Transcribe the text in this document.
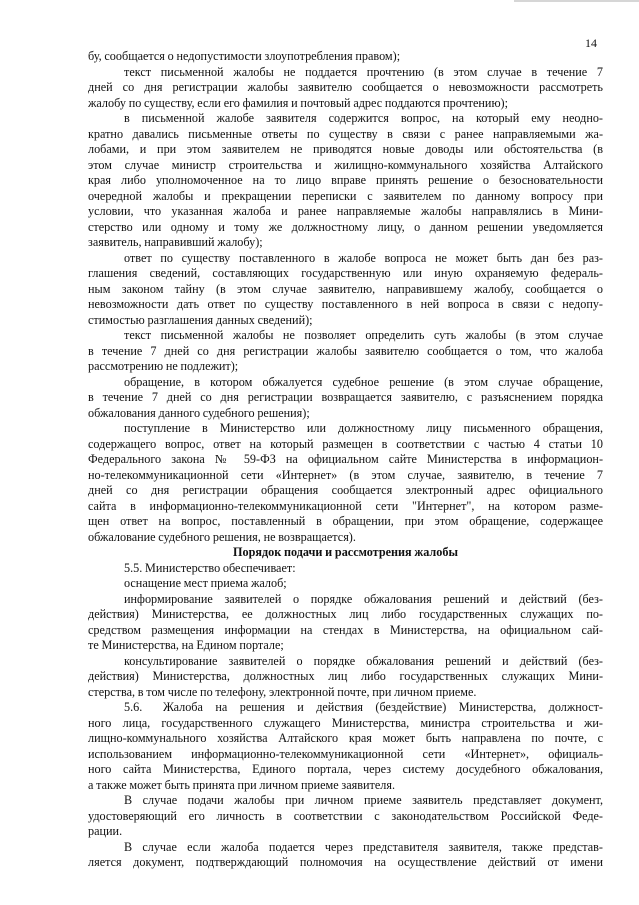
14
бу, сообщается о недопустимости злоупотребления правом);
текст письменной жалобы не поддается прочтению (в этом случае в течение 7
дней со дня регистрации жалобы заявителю сообщается о невозможности рассмотреть
жалобу по существу, если его фамилия и почтовый адрес поддаются прочтению);
в письменной жалобе заявителя содержится вопрос, на который ему неодно-
кратно давались письменные ответы по существу в связи с ранее направляемыми жа-
лобами, и при этом заявителем не приводятся новые доводы или обстоятельства (в
этом случае министр строительства и жилищно-коммунального хозяйства Алтайского
края либо уполномоченное на то лицо вправе принять решение о безосновательности
очередной жалобы и прекращении переписки с заявителем по данному вопросу при
условии, что указанная жалоба и ранее направляемые жалобы направлялись в Мини-
стерство или одному и тому же должностному лицу, о данном решении уведомляется
заявитель, направивший жалобу);
ответ по существу поставленного в жалобе вопроса не может быть дан без раз-
глашения сведений, составляющих государственную или иную охраняемую федераль-
ным законом тайну (в этом случае заявителю, направившему жалобу, сообщается о
невозможности дать ответ по существу поставленного в ней вопроса в связи с недопу-
стимостью разглашения данных сведений);
текст письменной жалобы не позволяет определить суть жалобы (в этом случае
в течение 7 дней со дня регистрации жалобы заявителю сообщается о том, что жалоба
рассмотрению не подлежит);
обращение, в котором обжалуется судебное решение (в этом случае обращение,
в течение 7 дней со дня регистрации возвращается заявителю, с разъяснением порядка
обжалования данного судебного решения);
поступление в Министерство или должностному лицу письменного обращения,
содержащего вопрос, ответ на который размещен в соответствии с частью 4 статьи 10
Федерального закона № 59-ФЗ на официальном сайте Министерства в информацион-
но-телекоммуникационной сети «Интернет» (в этом случае, заявителю, в течение 7
дней со дня регистрации обращения сообщается электронный адрес официального
сайта в информационно-телекоммуникационной сети "Интернет", на котором разме-
щен ответ на вопрос, поставленный в обращении, при этом обращение, содержащее
обжалование судебного решения, не возвращается).
Порядок подачи и рассмотрения жалобы
5.5. Министерство обеспечивает:
оснащение мест приема жалоб;
информирование заявителей о порядке обжалования решений и действий (без-
действия) Министерства, ее должностных лиц либо государственных служащих по-
средством размещения информации на стендах в Министерства, на официальном сай-
те Министерства, на Едином портале;
консультирование заявителей о порядке обжалования решений и действий (без-
действия) Министерства, должностных лиц либо государственных служащих Мини-
стерства, в том числе по телефону, электронной почте, при личном приеме.
5.6. Жалоба на решения и действия (бездействие) Министерства, должност-
ного лица, государственного служащего Министерства, министра строительства и жи-
лищно-коммунального хозяйства Алтайского края может быть направлена по почте, с
использованием информационно-телекоммуникационной сети «Интернет», официаль-
ного сайта Министерства, Единого портала, через систему досудебного обжалования,
а также может быть принята при личном приеме заявителя.
В случае подачи жалобы при личном приеме заявитель представляет документ,
удостоверяющий его личность в соответствии с законодательством Российской Феде-
рации.
В случае если жалоба подается через представителя заявителя, также представ-
ляется документ, подтверждающий полномочия на осуществление действий от имени
